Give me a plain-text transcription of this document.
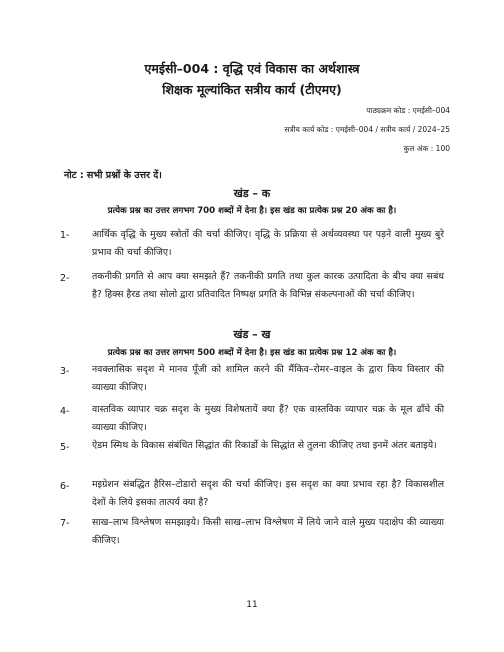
एमईसी–004 : वृद्धि एवं विकास का अर्थशास्त्र
शिक्षक मूल्यांकित सत्रीय कार्य (टीएमए)
पाठ्यक्रम कोड : एमईसी–004
सत्रीय कार्य कोड : एमईसी–004 / सत्रीय कार्य / 2024–25
कुल अंक : 100
नोट : सभी प्रश्नों के उत्तर दें।
खंड – क
प्रत्येक प्रश्न का उत्तर लगभग 700 शब्दों में देना है। इस खंड का प्रत्येक प्रश्न 20 अंक का है।
1- आर्थिक वृद्धि के मुख्य स्त्रोतों की चर्चा कीजिए। वृद्धि के प्रक्रिया से अर्थव्यवस्था पर पड़ने वाली मुख्य बुरे प्रभाव की चर्चा कीजिए।
2- तकनीकी प्रगति से आप क्या समझते हैं? तकनीकी प्रगति तथा कुल कारक उत्पादिता के बीच क्या सबंध है? हिक्स हैरड तथा सोलो द्वारा प्रतिवादित निष्पक्ष प्रगति के विभिन्न संकल्पनाओं की चर्चा कीजिए।
खंड – ख
प्रत्येक प्रश्न का उत्तर लगभग 500 शब्दों में देना है। इस खंड का प्रत्येक प्रश्न 12 अंक का है।
3- नवक्लासिक सदृश मे मानव पूँजी को शामिल करने की मैंकिव–रोमर–वाइल के द्वारा किय विस्तार की व्याख्या कीजिए।
4- वास्तविक व्यापार चक्र सदृश के मुख्य विशेषतायें क्या हैं? एक वास्तविक व्यापार चक्र के मूल ढाँचे की व्याख्या कीजिए।
5- ऐडम स्मिथ के विकास संबंधित सिद्धांत की रिकार्डो के सिद्धांत से तुलना कीजिए तथा इनमें अंतर बताइये।
6- मइग्रेशन संबद्धित हैरिस–टोडारो सदृश की चर्चा कीजिए। इस सदृश का क्या प्रभाव रहा है? विकासशील देशों के लिये इसका तात्पर्य क्या है?
7- साख–लाभ विश्लेषण समझाइये। किसी साख–लाभ विश्लेषण में लिये जाने वाले मुख्य पदाक्षेप की व्याख्या कीजिए।
11
